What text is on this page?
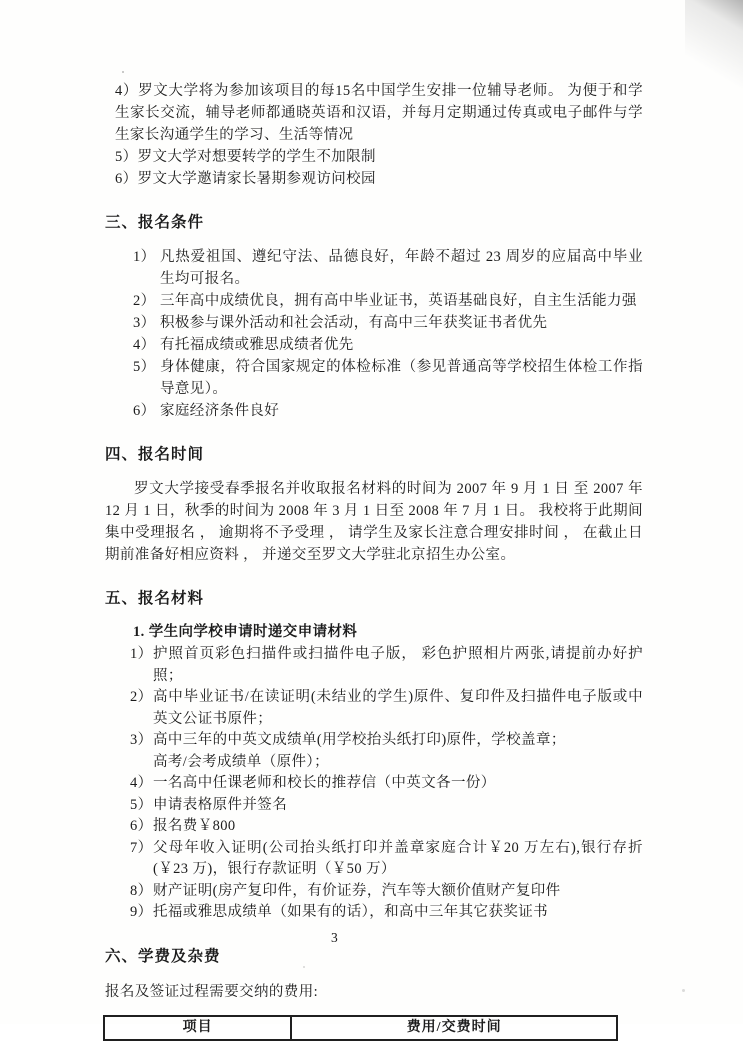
4）罗文大学将为参加该项目的每15名中国学生安排一位辅导老师。 为便于和学生家长交流，辅导老师都通晓英语和汉语，并每月定期通过传真或电子邮件与学生家长沟通学生的学习、生活等情况

5）罗文大学对想要转学的学生不加限制

6）罗文大学邀请家长暑期参观访问校园

三、报名条件
1） 凡热爱祖国、遵纪守法、品德良好，年龄不超过 23 周岁的应届高中毕业生均可报名。
2） 三年高中成绩优良，拥有高中毕业证书，英语基础良好，自主生活能力强
3） 积极参与课外活动和社会活动，有高中三年获奖证书者优先
4） 有托福成绩或雅思成绩者优先
5） 身体健康，符合国家规定的体检标准（参见普通高等学校招生体检工作指导意见）。
6） 家庭经济条件良好
四、报名时间

罗文大学接受春季报名并收取报名材料的时间为 2007 年 9 月 1 日 至 2007 年 12 月 1 日，秋季的时间为 2008 年 3 月 1 日至 2008 年 7 月 1 日。 我校将于此期间集中受理报名 ， 逾期将不予受理 ， 请学生及家长注意合理安排时间 ， 在截止日期前准备好相应资料 ， 并递交至罗文大学驻北京招生办公室。

五、报名材料

1. 学生向学校申请时递交申请材料

1） 护照首页彩色扫描件或扫描件电子版， 彩色护照相片两张,请提前办好护照；
2） 高中毕业证书/在读证明(未结业的学生)原件、复印件及扫描件电子版或中英文公证书原件；
3） 高中三年的中英文成绩单(用学校抬头纸打印)原件，学校盖章；
高考/会考成绩单（原件）；
4） 一名高中任课老师和校长的推荐信（中英文各一份）
5） 申请表格原件并签名
6） 报名费￥800
7） 父母年收入证明(公司抬头纸打印并盖章家庭合计￥20 万左右),银行存折(￥23 万)，银行存款证明（￥50 万）
8） 财产证明(房产复印件，有价证券，汽车等大额价值财产复印件
9） 托福或雅思成绩单（如果有的话），和高中三年其它获奖证书
六、学费及杂费

报名及签证过程需要交纳的费用:

项目	费用/交费时间
3
